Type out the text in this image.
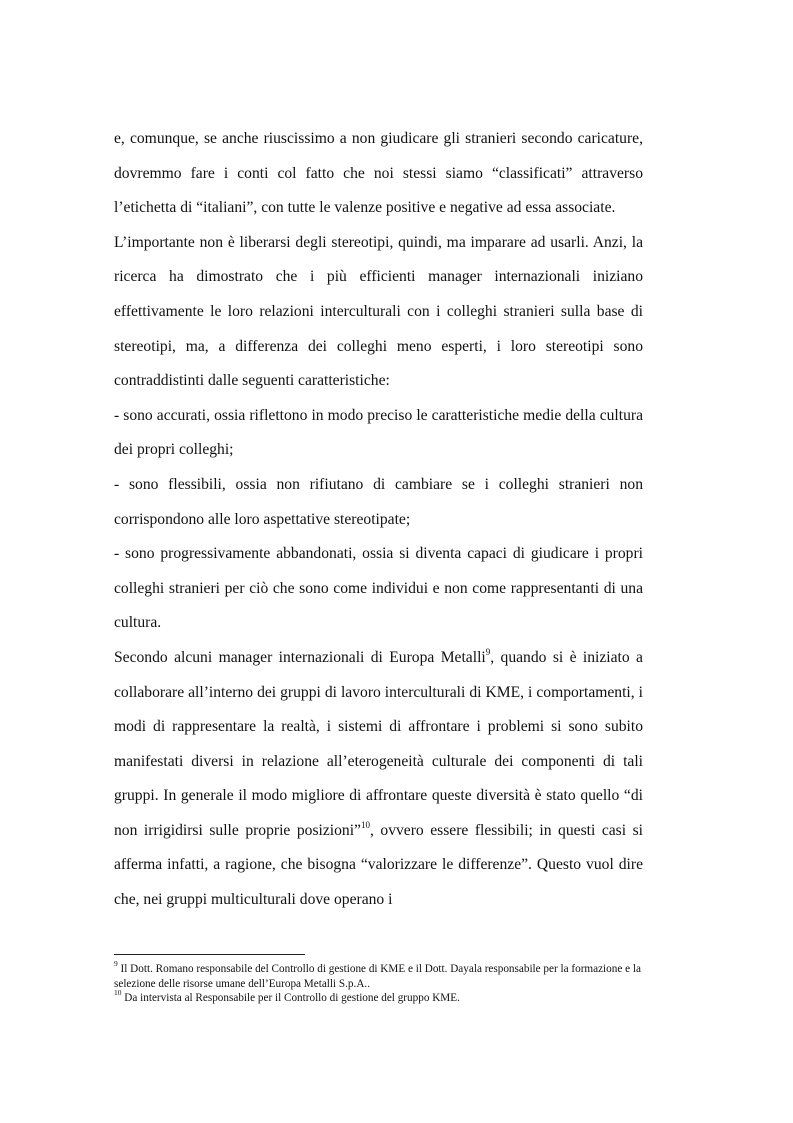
e, comunque, se anche riuscissimo a non giudicare gli stranieri secondo caricature, dovremmo fare i conti col fatto che noi stessi siamo “classificati” attraverso l’etichetta di “italiani”, con tutte le valenze positive e negative ad essa associate.

L’importante non è liberarsi degli stereotipi, quindi, ma imparare ad usarli. Anzi, la ricerca ha dimostrato che i più efficienti manager internazionali iniziano effettivamente le loro relazioni interculturali con i colleghi stranieri sulla base di stereotipi, ma, a differenza dei colleghi meno esperti, i loro stereotipi sono contraddistinti dalle seguenti caratteristiche:

- sono accurati, ossia riflettono in modo preciso le caratteristiche medie della cultura dei propri colleghi;

- sono flessibili, ossia non rifiutano di cambiare se i colleghi stranieri non corrispondono alle loro aspettative stereotipate;

- sono progressivamente abbandonati, ossia si diventa capaci di giudicare i propri colleghi stranieri per ciò che sono come individui e non come rappresentanti di una cultura.

Secondo alcuni manager internazionali di Europa Metalli$^9$, quando si è iniziato a collaborare all’interno dei gruppi di lavoro interculturali di KME, i comportamenti, i modi di rappresentare la realtà, i sistemi di affrontare i problemi si sono subito manifestati diversi in relazione all’eterogeneità culturale dei componenti di tali gruppi. In generale il modo migliore di affrontare queste diversità è stato quello “di non irrigidirsi sulle proprie posizioni”$^{10}$, ovvero essere flessibili; in questi casi si afferma infatti, a ragione, che bisogna “valorizzare le differenze”. Questo vuol dire che, nei gruppi multiculturali dove operano i

$^9$ Il Dott. Romano responsabile del Controllo di gestione di KME e il Dott. Dayala responsabile per la formazione e la selezione delle risorse umane dell’Europa Metalli S.p.A..

$^{10}$ Da intervista al Responsabile per il Controllo di gestione del gruppo KME.
